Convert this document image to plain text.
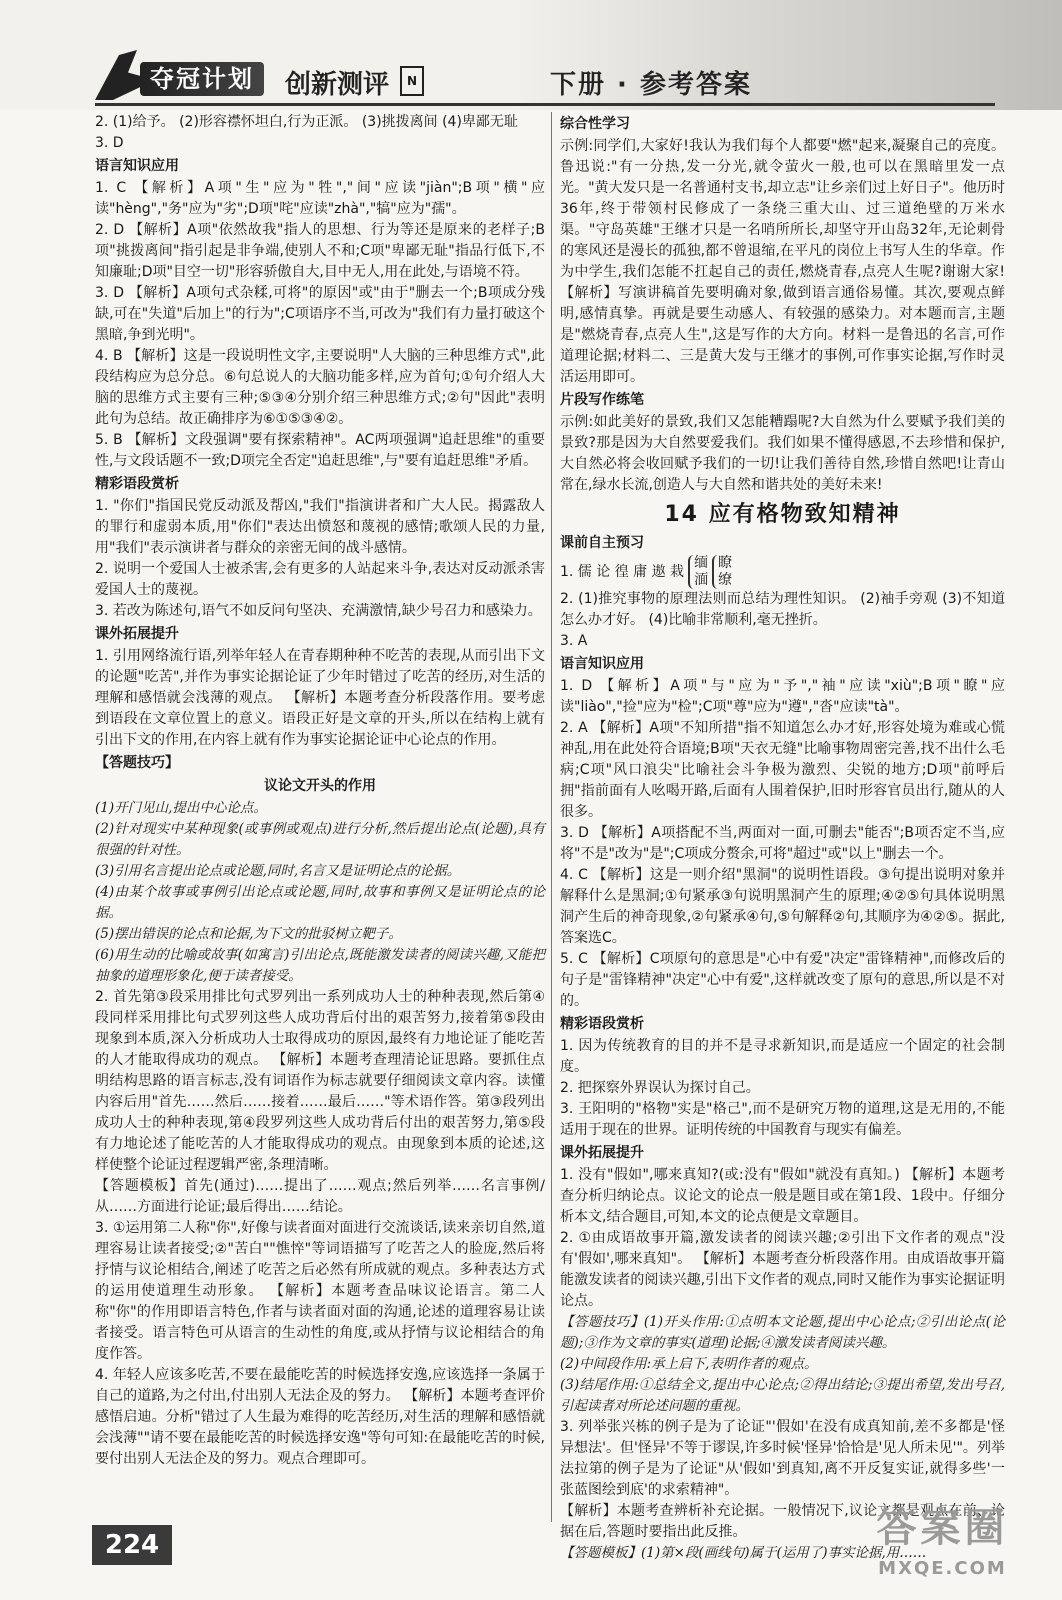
夺冠计划	创新测评	N	下册 · 参考答案
2. (1)给予。 (2)形容襟怀坦白,行为正派。 (3)挑拨离间 (4)卑鄙无耻
3. D
语言知识应用
1. C 【解析】A项"生"应为"牲","间"应读"jiàn";B项"横"应读"hèng","务"应为"劣";D项"咤"应读"zhà","犒"应为"孺"。
2. D 【解析】A项"依然故我"指人的思想、行为等还是原来的老样子;B项"挑拨离间"指引起是非争端,使别人不和;C项"卑鄙无耻"指品行低下,不知廉耻;D项"目空一切"形容骄傲自大,目中无人,用在此处,与语境不符。
3. D 【解析】A项句式杂糅,可将"的原因"或"由于"删去一个;B项成分残缺,可在"失道"后加上"的行为";C项语序不当,可改为"我们有力量打破这个黑暗,争到光明"。
4. B 【解析】这是一段说明性文字,主要说明"人大脑的三种思维方式",此段结构应为总分总。⑥句总说人的大脑功能多样,应为首句;①句介绍人大脑的思维方式主要有三种;⑤③④分别介绍三种思维方式;②句"因此"表明此句为总结。故正确排序为⑥①⑤③④②。
5. B 【解析】文段强调"要有探索精神"。AC两项强调"追赶思维"的重要性,与文段话题不一致;D项完全否定"追赶思维",与"要有追赶思维"矛盾。
精彩语段赏析
1. "你们"指国民党反动派及帮凶,"我们"指演讲者和广大人民。揭露敌人的罪行和虚弱本质,用"你们"表达出愤怒和蔑视的感情;歌颂人民的力量,用"我们"表示演讲者与群众的亲密无间的战斗感情。
2. 说明一个爱国人士被杀害,会有更多的人站起来斗争,表达对反动派杀害爱国人士的蔑视。
3. 若改为陈述句,语气不如反问句坚决、充满激情,缺少号召力和感染力。
课外拓展提升
1. 引用网络流行语,列举年轻人在青春期种种不吃苦的表现,从而引出下文的论题"吃苦",并作为事实论据论证了少年时错过了吃苦的经历,对生活的理解和感悟就会浅薄的观点。 【解析】本题考查分析段落作用。要考虑到语段在文章位置上的意义。语段正好是文章的开头,所以在结构上就有引出下文的作用,在内容上就有作为事实论据论证中心论点的作用。
【答题技巧】
议论文开头的作用
(1)开门见山,提出中心论点。
(2)针对现实中某种现象(或事例或观点)进行分析,然后提出论点(论题),具有很强的针对性。
(3)引用名言提出论点或论题,同时,名言又是证明论点的论据。
(4)由某个故事或事例引出论点或论题,同时,故事和事例又是证明论点的论据。
(5)摆出错误的论点和论据,为下文的批驳树立靶子。
(6)用生动的比喻或故事(如寓言)引出论点,既能激发读者的阅读兴趣,又能把抽象的道理形象化,便于读者接受。
2. 首先第③段采用排比句式罗列出一系列成功人士的种种表现,然后第④段同样采用排比句式罗列这些人成功背后付出的艰苦努力,接着第⑤段由现象到本质,深入分析成功人士取得成功的原因,最终有力地论证了能吃苦的人才能取得成功的观点。 【解析】本题考查理清论证思路。要抓住点明结构思路的语言标志,没有词语作为标志就要仔细阅读文章内容。读懂内容后用"首先……然后……接着……最后……"等术语作答。第③段列出成功人士的种种表现,第④段罗列这些人成功背后付出的艰苦努力,第⑤段有力地论述了能吃苦的人才能取得成功的观点。由现象到本质的论述,这样使整个论证过程逻辑严密,条理清晰。
【答题模板】首先(通过)……提出了……观点;然后列举……名言事例/从……方面进行论证;最后得出……结论。
3. ①运用第二人称"你",好像与读者面对面进行交流谈话,读来亲切自然,道理容易让读者接受;②"苦白""憔悴"等词语描写了吃苦之人的脸庞,然后将抒情与议论相结合,阐述了吃苦之后必然有所成就的观点。多种表达方式的运用使道理生动形象。 【解析】本题考查品味议论语言。第二人称"你"的作用即语言特色,作者与读者面对面的沟通,论述的道理容易让读者接受。语言特色可从语言的生动性的角度,或从抒情与议论相结合的角度作答。
4. 年轻人应该多吃苦,不要在最能吃苦的时候选择安逸,应该选择一条属于自己的道路,为之付出,付出别人无法企及的努力。 【解析】本题考查评价感悟启迪。分析"错过了人生最为难得的吃苦经历,对生活的理解和感悟就会浅薄""请不要在最能吃苦的时候选择安逸"等句可知:在最能吃苦的时候,要付出别人无法企及的努力。观点合理即可。
综合性学习
示例:同学们,大家好!我认为我们每个人都要"燃"起来,凝聚自己的亮度。鲁迅说:"有一分热,发一分光,就令萤火一般,也可以在黑暗里发一点光。"黄大发只是一名普通村支书,却立志"让乡亲们过上好日子"。他历时36年,终于带领村民修成了一条绕三重大山、过三道绝壁的万米水渠。"守岛英雄"王继才只是一名哨所所长,却坚守开山岛32年,无论刺骨的寒风还是漫长的孤独,都不曾退缩,在平凡的岗位上书写人生的华章。作为中学生,我们怎能不扛起自己的责任,燃烧青春,点亮人生呢?谢谢大家! 【解析】写演讲稿首先要明确对象,做到语言通俗易懂。其次,要观点鲜明,感情真挚。再就是要生动感人、有较强的感染力。对本题而言,主题是"燃烧青春,点亮人生",这是写作的大方向。材料一是鲁迅的名言,可作道理论据;材料二、三是黄大发与王继才的事例,可作事实论据,写作时灵活运用即可。
片段写作练笔
示例:如此美好的景致,我们又怎能糟蹋呢?大自然为什么要赋予我们美的景致?那是因为大自然要爱我们。我们如果不懂得感恩,不去珍惜和保护,大自然必将会收回赋予我们的一切!让我们善待自然,珍惜自然吧!让青山常在,绿水长流,创造人与大自然和谐共处的美好未来!
14 应有格物致知精神
课前自主预习
1. 儒 论 徨 庸 遨 栽
缅
湎
瞭
缭
2. (1)推究事物的原理法则而总结为理性知识。 (2)袖手旁观 (3)不知道怎么办才好。 (4)比喻非常顺利,毫无挫折。
3. A
语言知识应用
1. D 【解析】A项"与"应为"予","袖"应读"xiù";B项"瞭"应读"liào","捡"应为"检";C项"尊"应为"遵","沓"应读"tà"。
2. A 【解析】A项"不知所措"指不知道怎么办才好,形容处境为难或心慌神乱,用在此处符合语境;B项"天衣无缝"比喻事物周密完善,找不出什么毛病;C项"风口浪尖"比喻社会斗争极为激烈、尖锐的地方;D项"前呼后拥"指前面有人吆喝开路,后面有人围着保护,旧时形容官员出行,随从的人很多。
3. D 【解析】A项搭配不当,两面对一面,可删去"能否";B项否定不当,应将"不是"改为"是";C项成分赘余,可将"超过"或"以上"删去一个。
4. C 【解析】这是一则介绍"黑洞"的说明性语段。③句提出说明对象并解释什么是黑洞;①句紧承③句说明黑洞产生的原理;④②⑤句具体说明黑洞产生后的神奇现象,②句紧承④句,⑤句解释②句,其顺序为④②⑤。据此,答案选C。
5. C 【解析】C项原句的意思是"心中有爱"决定"雷锋精神",而修改后的句子是"雷锋精神"决定"心中有爱",这样就改变了原句的意思,所以是不对的。
精彩语段赏析
1. 因为传统教育的目的并不是寻求新知识,而是适应一个固定的社会制度。
2. 把探察外界误认为探讨自己。
3. 王阳明的"格物"实是"格己",而不是研究万物的道理,这是无用的,不能适用于现在的世界。证明传统的中国教育与现实有偏差。
课外拓展提升
1. 没有"假如",哪来真知?(或:没有"假如"就没有真知。) 【解析】本题考查分析归纳论点。议论文的论点一般是题目或在第1段、1段中。仔细分析本文,结合题目,可知,本文的论点便是文章题目。
2. ①由成语故事开篇,激发读者的阅读兴趣;②引出下文作者的观点"没有'假如',哪来真知"。 【解析】本题考查分析段落作用。由成语故事开篇能激发读者的阅读兴趣,引出下文作者的观点,同时又能作为事实论据证明论点。
【答题技巧】(1)开头作用:①点明本文论题,提出中心论点;②引出论点(论题);③作为文章的事实(道理)论据;④激发读者阅读兴趣。
(2)中间段作用:承上启下,表明作者的观点。
(3)结尾作用:①总结全文,提出中心论点;②得出结论;③提出希望,发出号召,引起读者对所论述问题的重视。
3. 列举张兴栋的例子是为了论证"'假如'在没有成真知前,差不多都是'怪异想法'。但'怪异'不等于谬误,许多时候'怪异'恰恰是'见人所未见'"。列举法拉第的例子是为了论证"从'假如'到真知,离不开反复实证,就得多些'一张蓝图绘到底'的求索精神"。
【解析】本题考查辨析补充论据。一般情况下,议论文都是观点在前、论据在后,答题时要指出此反推。
【答题模板】(1)第×段(画线句)属于(运用了)事实论据,用……
224	答案圈
MXQE.COM
